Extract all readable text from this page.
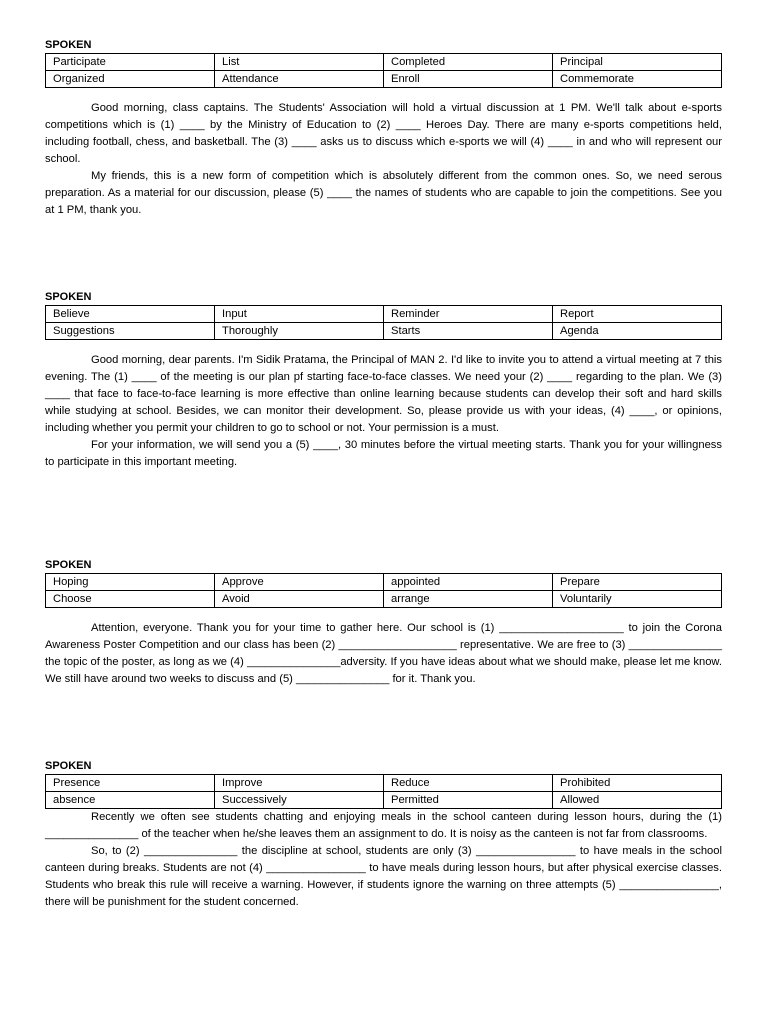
SPOKEN
Participate	List	Completed	Principal
Organized	Attendance	Enroll	Commemorate

Good morning, class captains. The Students' Association will hold a virtual discussion at 1 PM. We'll talk about e-sports competitions which is (1) ____ by the Ministry of Education to (2) ____ Heroes Day. There are many e-sports competitions held, including football, chess, and basketball. The (3) ____ asks us to discuss which e-sports we will (4) ____ in and who will represent our school.

My friends, this is a new form of competition which is absolutely different from the common ones. So, we need serous preparation. As a material for our discussion, please (5) ____ the names of students who are capable to join the competitions. See you at 1 PM, thank you.

SPOKEN
Believe	Input	Reminder	Report
Suggestions	Thoroughly	Starts	Agenda

Good morning, dear parents. I'm Sidik Pratama, the Principal of MAN 2. I'd like to invite you to attend a virtual meeting at 7 this evening. The (1) ____ of the meeting is our plan pf starting face-to-face classes. We need your (2) ____ regarding to the plan. We (3) ____ that face to face-to-face learning is more effective than online learning because students can develop their soft and hard skills while studying at school. Besides, we can monitor their development. So, please provide us with your ideas, (4) ____, or opinions, including whether you permit your children to go to school or not. Your permission is a must.

For your information, we will send you a (5) ____, 30 minutes before the virtual meeting starts. Thank you for your willingness to participate in this important meeting.

SPOKEN
Hoping	Approve	appointed	Prepare
Choose	Avoid	arrange	Voluntarily

Attention, everyone. Thank you for your time to gather here. Our school is (1) ____________________ to join the Corona Awareness Poster Competition and our class has been (2) ___________________ representative. We are free to (3) _______________ the topic of the poster, as long as we (4) _______________adversity. If you have ideas about what we should make, please let me know. We still have around two weeks to discuss and (5) _______________ for it. Thank you.

SPOKEN
Presence	Improve	Reduce	Prohibited
absence	Successively	Permitted	Allowed

Recently we often see students chatting and enjoying meals in the school canteen during lesson hours, during the (1) _______________ of the teacher when he/she leaves them an assignment to do. It is noisy as the canteen is not far from classrooms.

So, to (2) _______________ the discipline at school, students are only (3) ________________ to have meals in the school canteen during breaks. Students are not (4) ________________ to have meals during lesson hours, but after physical exercise classes. Students who break this rule will receive a warning. However, if students ignore the warning on three attempts (5) ________________, there will be punishment for the student concerned.
